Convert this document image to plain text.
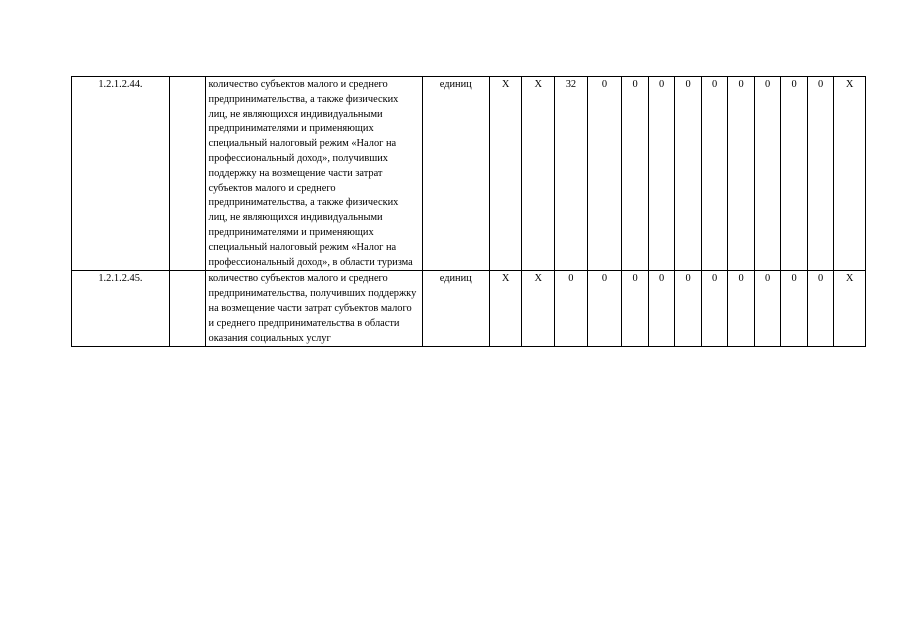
1.2.1.2.44.		количество субъектов малого и среднего предпринимательства, а также физических лиц, не являющихся индивидуальными предпринимателями и применяющих специальный налоговый режим «Налог на профессиональный доход», получивших поддержку на возмещение части затрат субъектов малого и среднего предпринимательства, а также физических лиц, не являющихся индивидуальными предпринимателями и применяющих специальный налоговый режим «Налог на профессиональный доход», в области туризма	единиц	Х	Х	32	0	0	0	0	0	0	0	0	0	Х
1.2.1.2.45.		количество субъектов малого и среднего предпринимательства, получивших поддержку на возмещение части затрат субъектов малого и среднего предпринимательства в области оказания социальных услуг	единиц	Х	Х	0	0	0	0	0	0	0	0	0	0	Х
